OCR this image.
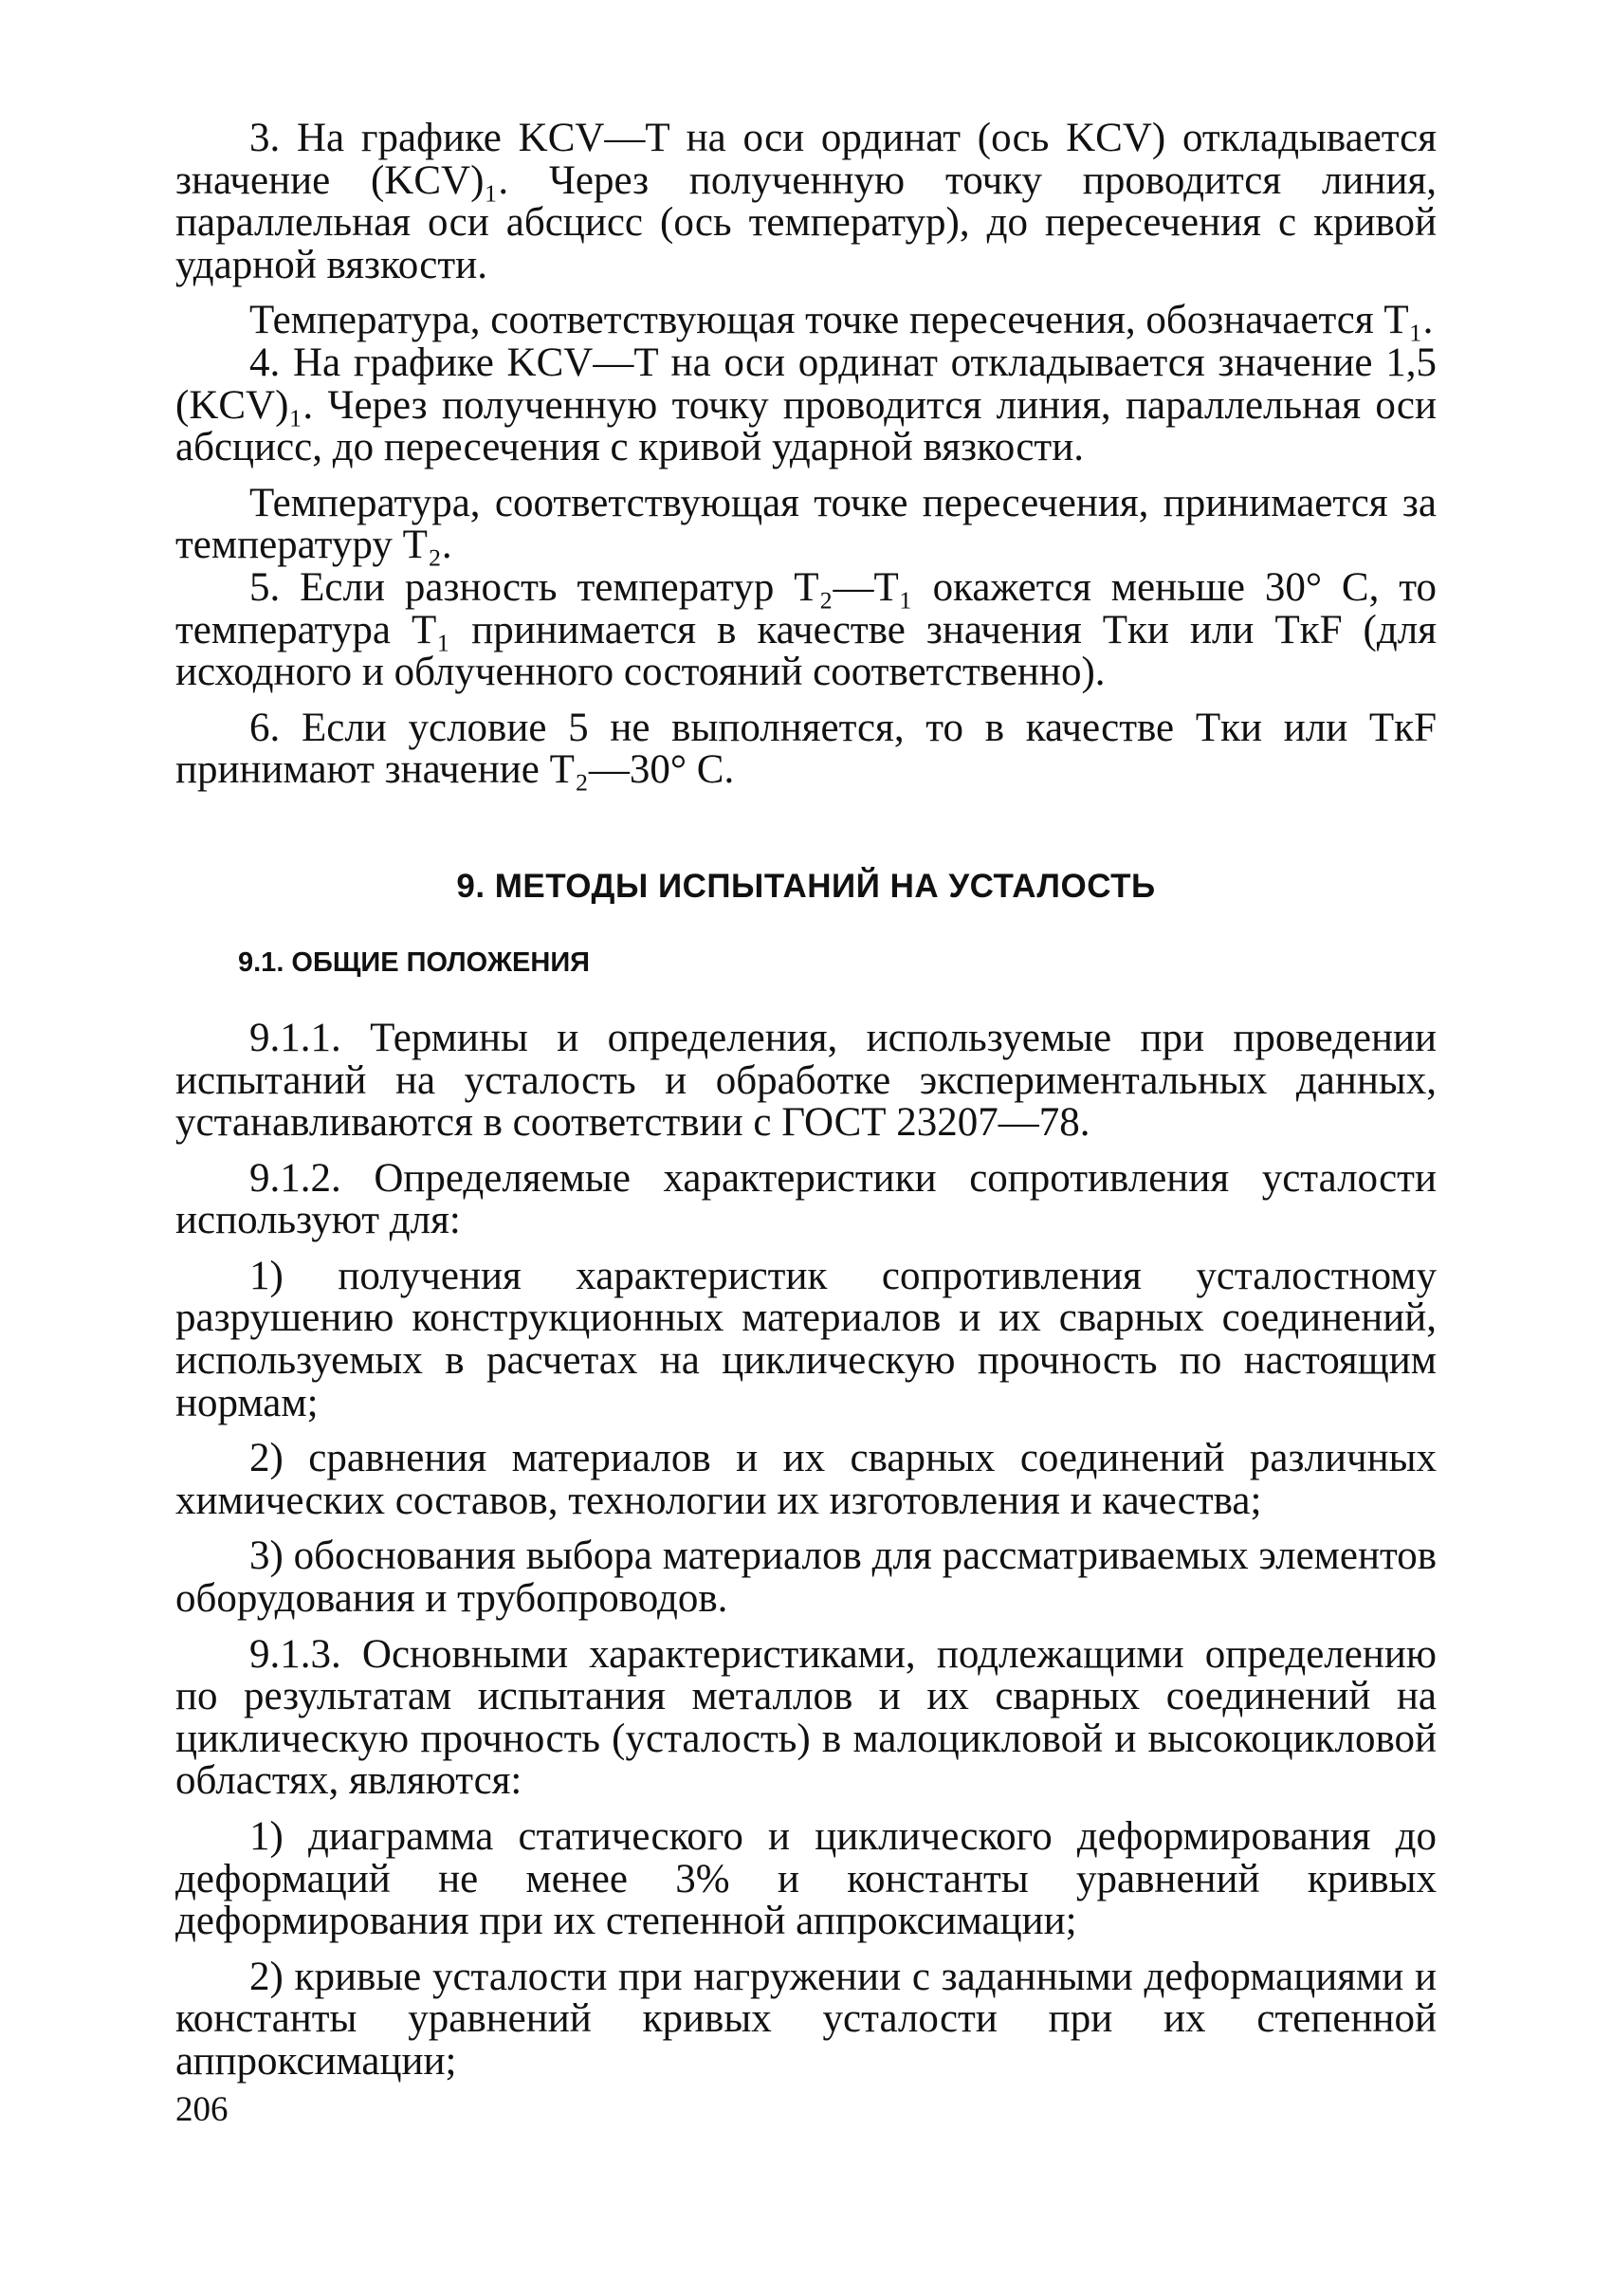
3. На графике KCV—T на оси ординат (ось KCV) откладывается значение (KCV)₁. Через полученную точку проводится линия, параллельная оси абсцисс (ось температур), до пересечения с кривой ударной вязкости.

Температура, соответствующая точке пересечения, обозначается T₁.

4. На графике KCV—T на оси ординат откладывается значение 1,5 (KCV)₁. Через полученную точку проводится линия, параллельная оси абсцисс, до пересечения с кривой ударной вязкости.

Температура, соответствующая точке пересечения, принимается за температуру T₂.

5. Если разность температур T₂—T₁ окажется меньше 30° С, то температура T₁ принимается в качестве значения Tки или TкF (для исходного и облученного состояний соответственно).

6. Если условие 5 не выполняется, то в качестве Tки или TкF принимают значение T₂—30° С.

9. МЕТОДЫ ИСПЫТАНИЙ НА УСТАЛОСТЬ
9.1. ОБЩИЕ ПОЛОЖЕНИЯ

9.1.1. Термины и определения, используемые при проведении испытаний на усталость и обработке экспериментальных данных, устанавливаются в соответствии с ГОСТ 23207—78.

9.1.2. Определяемые характеристики сопротивления усталости используют для:

1) получения характеристик сопротивления усталостному разрушению конструкционных материалов и их сварных соединений, используемых в расчетах на циклическую прочность по настоящим нормам;

2) сравнения материалов и их сварных соединений различных химических составов, технологии их изготовления и качества;

3) обоснования выбора материалов для рассматриваемых элементов оборудования и трубопроводов.

9.1.3. Основными характеристиками, подлежащими определению по результатам испытания металлов и их сварных соединений на циклическую прочность (усталость) в малоцикловой и высокоцикловой областях, являются:

1) диаграмма статического и циклического деформирования до деформаций не менее 3% и константы уравнений кривых деформирования при их степенной аппроксимации;

2) кривые усталости при нагружении с заданными деформациями и константы уравнений кривых усталости при их степенной аппроксимации;

206
